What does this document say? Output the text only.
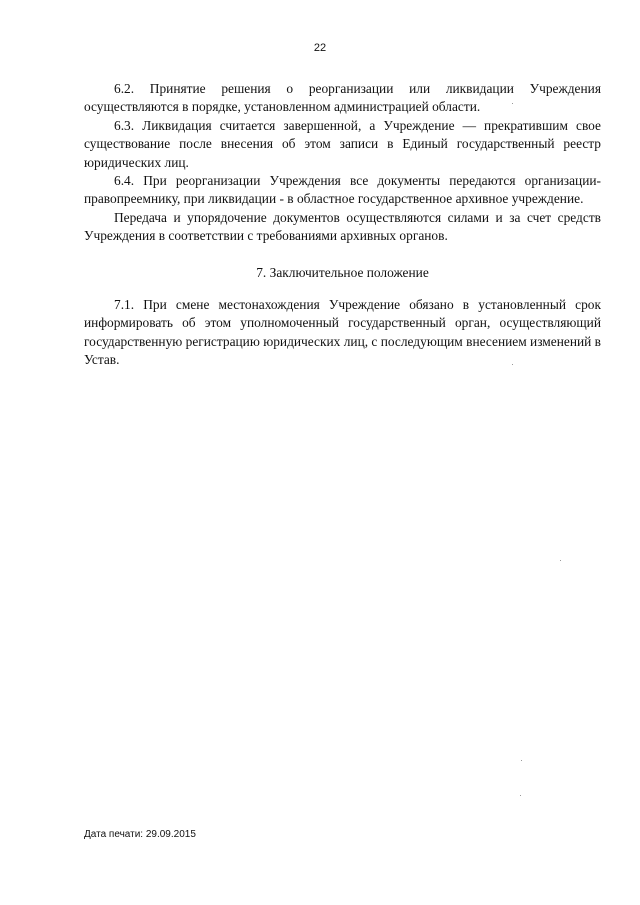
22

6.2. Принятие решения о реорганизации или ликвидации Учреждения осуществляются в порядке, установленном администрацией области.

6.3. Ликвидация считается завершенной, а Учреждение — прекратившим свое существование после внесения об этом записи в Единый государственный реестр юридических лиц.

6.4. При реорганизации Учреждения все документы передаются организации-правопреемнику, при ликвидации - в областное государственное архивное учреждение.

Передача и упорядочение документов осуществляются силами и за счет средств Учреждения в соответствии с требованиями архивных органов.

7. Заключительное положение

7.1. При смене местонахождения Учреждение обязано в установленный срок информировать об этом уполномоченный государственный орган, осуществляющий государственную регистрацию юридических лиц, с последующим внесением изменений в Устав.

Дата печати: 29.09.2015
